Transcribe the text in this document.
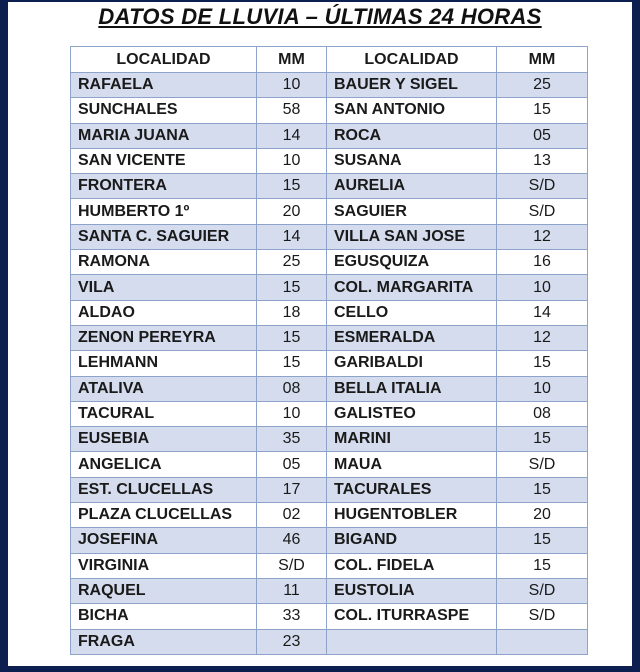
DATOS DE LLUVIA – ÚLTIMAS 24 HORAS
LOCALIDAD	MM	LOCALIDAD	MM
RAFAELA	10	BAUER Y SIGEL	25
SUNCHALES	58	SAN ANTONIO	15
MARIA JUANA	14	ROCA	05
SAN VICENTE	10	SUSANA	13
FRONTERA	15	AURELIA	S/D
HUMBERTO 1º	20	SAGUIER	S/D
SANTA C. SAGUIER	14	VILLA SAN JOSE	12
RAMONA	25	EGUSQUIZA	16
VILA	15	COL. MARGARITA	10
ALDAO	18	CELLO	14
ZENON PEREYRA	15	ESMERALDA	12
LEHMANN	15	GARIBALDI	15
ATALIVA	08	BELLA ITALIA	10
TACURAL	10	GALISTEO	08
EUSEBIA	35	MARINI	15
ANGELICA	05	MAUA	S/D
EST. CLUCELLAS	17	TACURALES	15
PLAZA CLUCELLAS	02	HUGENTOBLER	20
JOSEFINA	46	BIGAND	15
VIRGINIA	S/D	COL. FIDELA	15
RAQUEL	11	EUSTOLIA	S/D
BICHA	33	COL. ITURRASPE	S/D
FRAGA	23		
